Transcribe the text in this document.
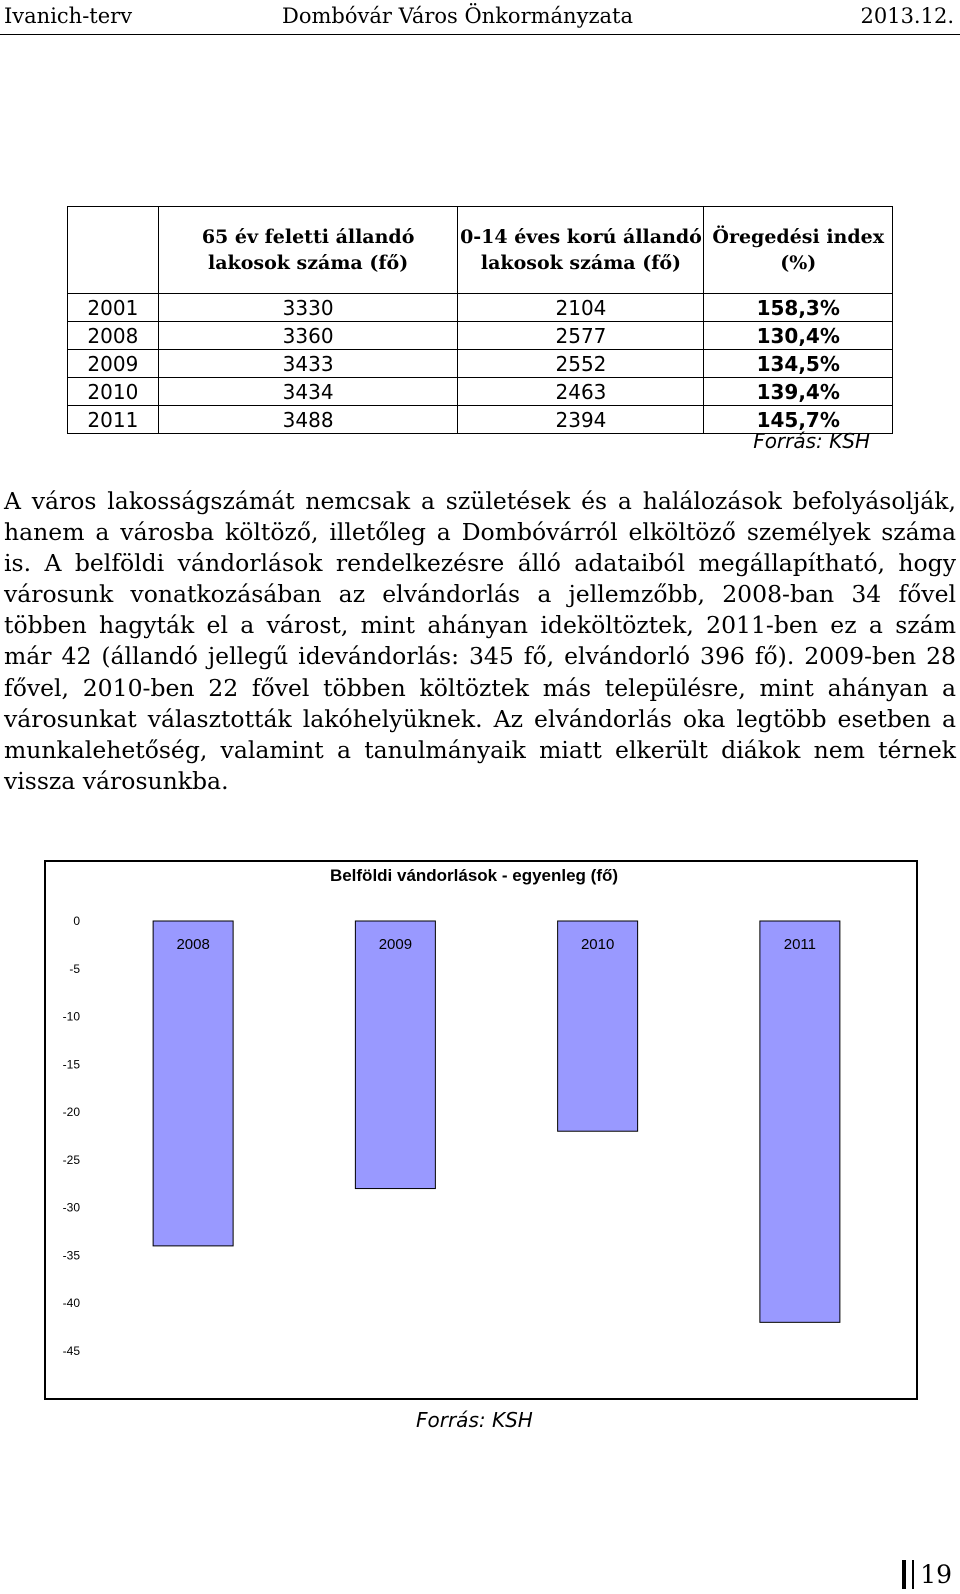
Ivanich-terv	Dombóvár Város Önkormányzata	2013.12.
	65 év feletti állandó lakosok száma (fő)	0-14 éves korú állandó lakosok száma (fő)	Öregedési index (%)
2001	3330	2104	158,3%
2008	3360	2577	130,4%
2009	3433	2552	134,5%
2010	3434	2463	139,4%
2011	3488	2394	145,7%
Forrás: KSH

A város lakosságszámát nemcsak a születések és a halálozások befolyásolják, hanem a városba költöző, illetőleg a Dombóvárról elköltöző személyek száma is. A belföldi vándorlások rendelkezésre álló adataiból megállapítható, hogy városunk vonatkozásában az elvándorlás a jellemzőbb, 2008-ban 34 fővel többen hagyták el a várost, mint ahányan ideköltöztek, 2011-ben ez a szám már 42 (állandó jellegű idevándorlás: 345 fő, elvándorló 396 fő). 2009-ben 28 fővel, 2010-ben 22 fővel többen költöztek más településre, mint ahányan a városunkat választották lakóhelyüknek. Az elvándorlás oka legtöbb esetben a munkalehetőség, valamint a tanulmányaik miatt elkerült diákok nem térnek vissza városunkba.

Belföldi vándorlások - egyenleg (fő)
0
-5
-10
-15
-20
-25
-30
-35
-40
-45
2008	2009	2010	2011
Forrás: KSH
19
